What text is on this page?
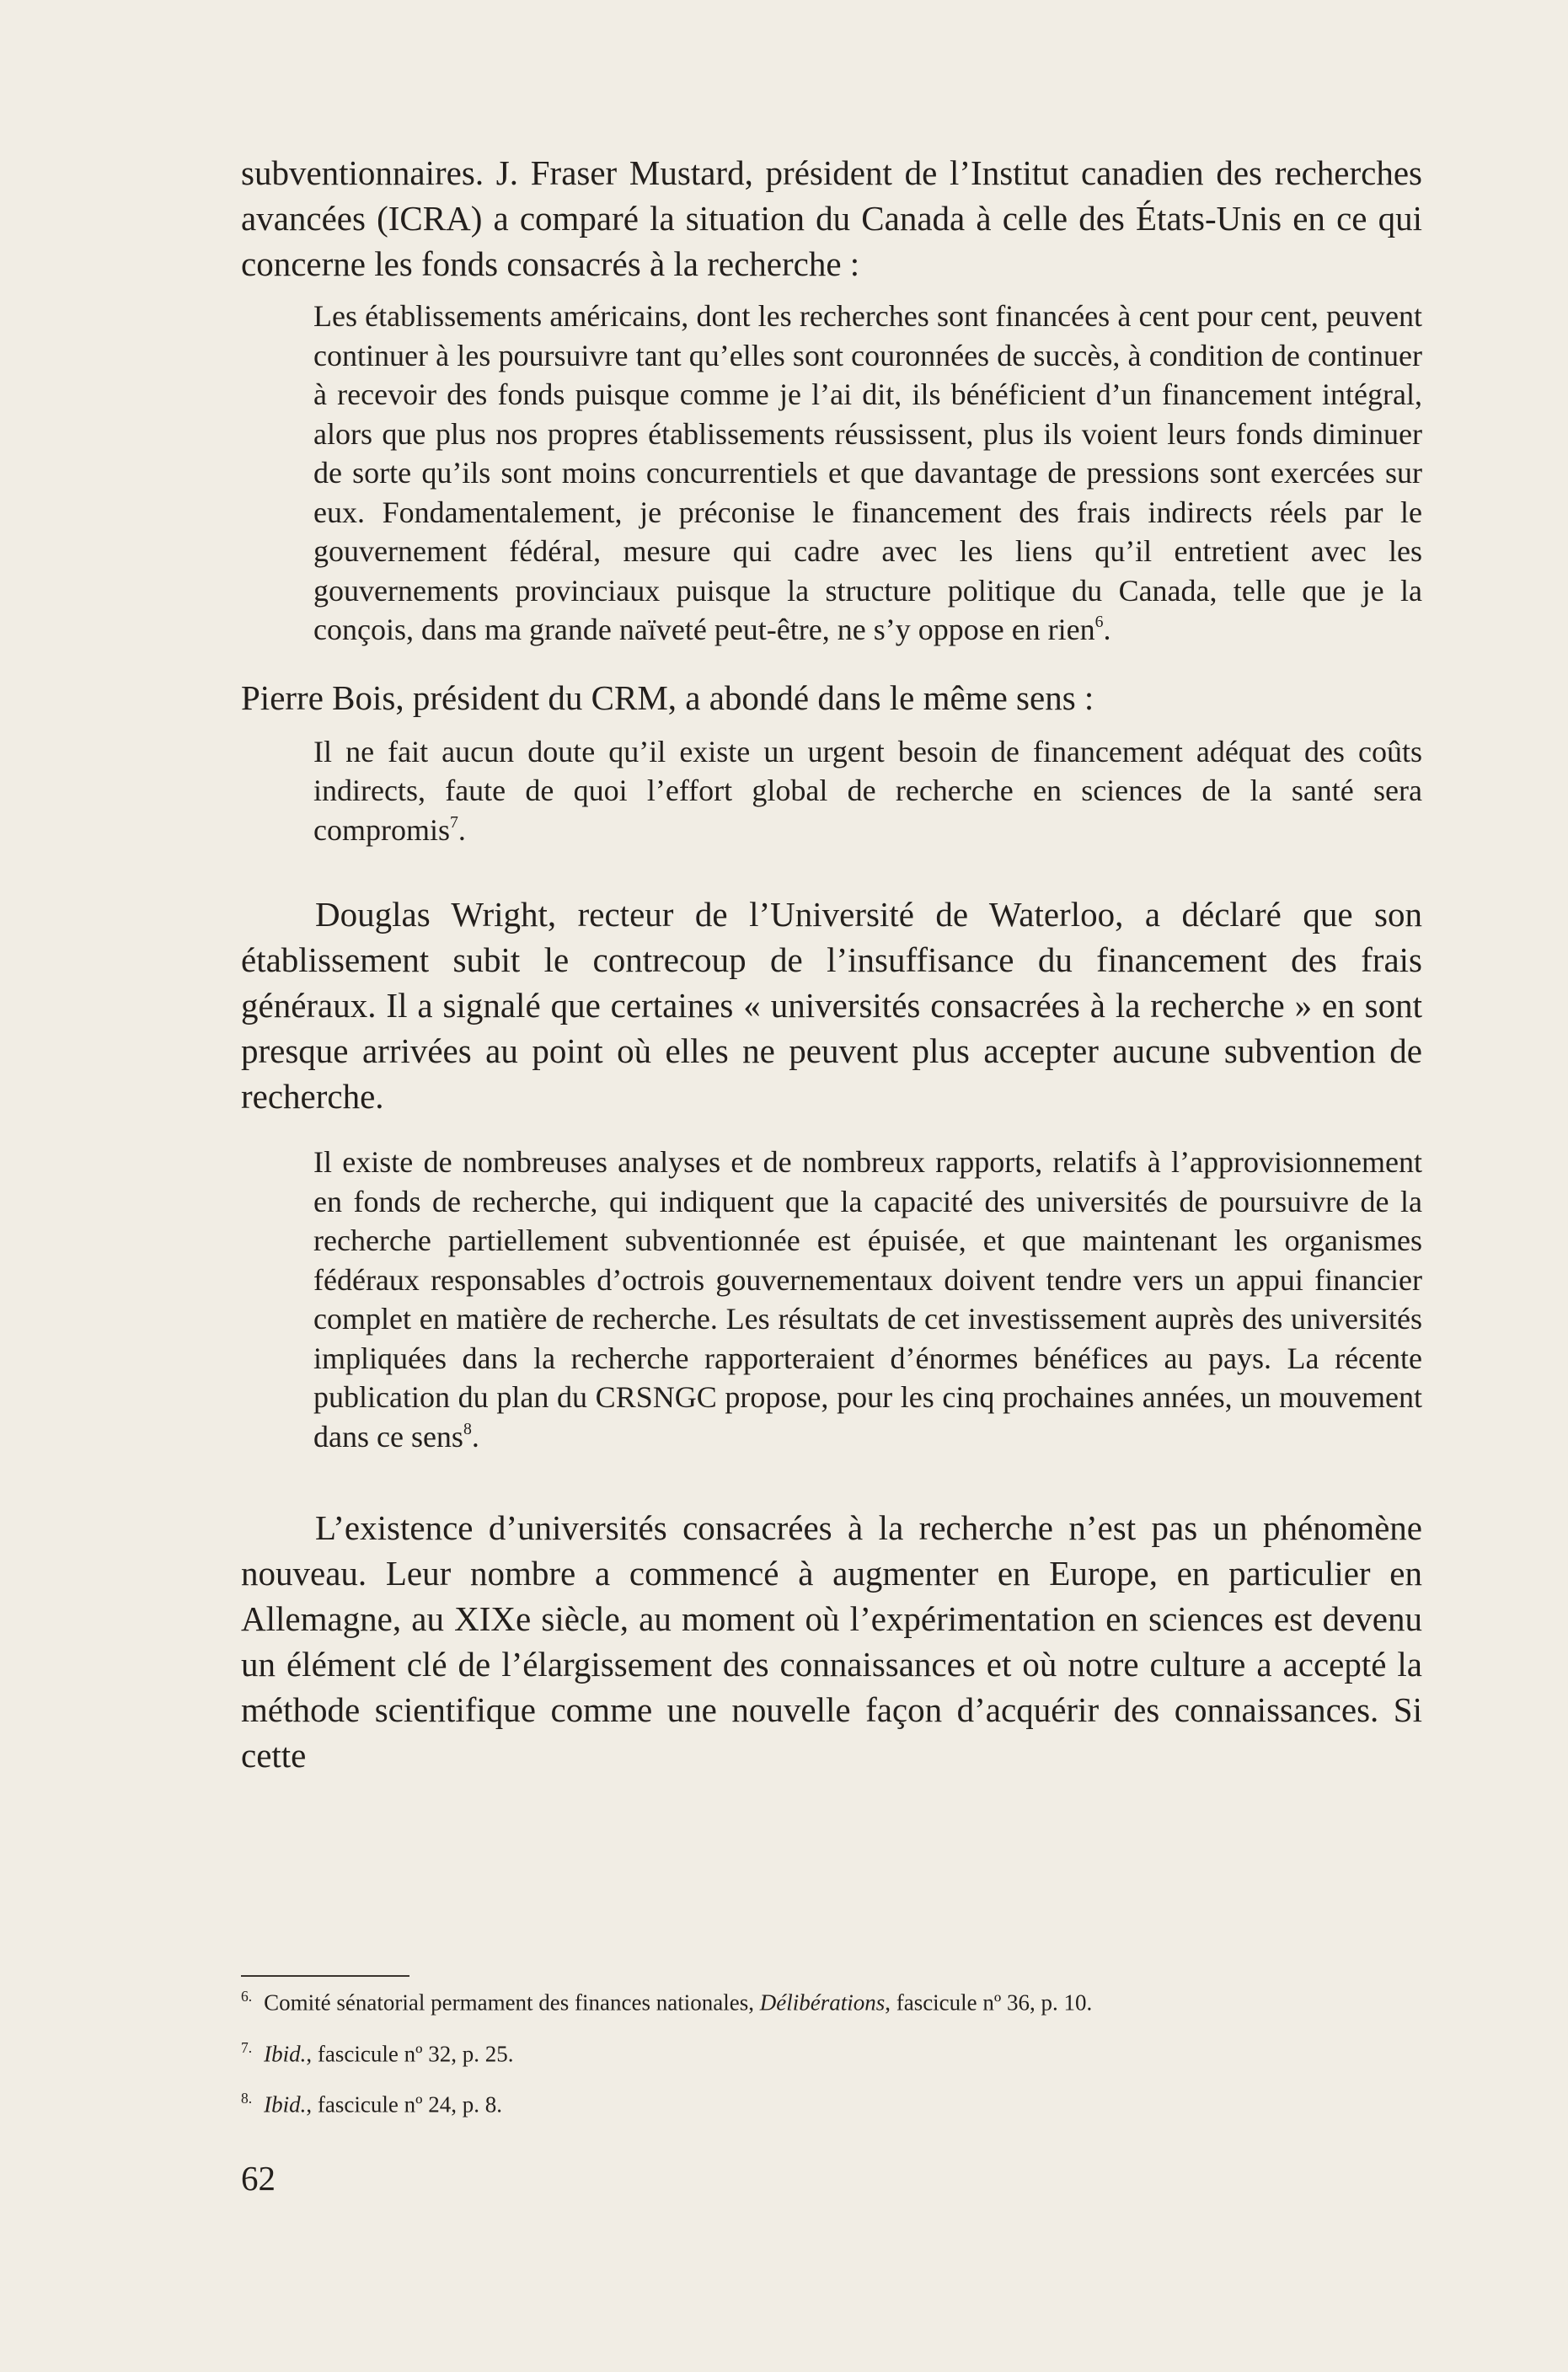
subventionnaires. J. Fraser Mustard, président de l’Institut canadien des recherches avancées (ICRA) a comparé la situation du Canada à celle des États-Unis en ce qui concerne les fonds consacrés à la recherche :

Les établissements américains, dont les recherches sont financées à cent pour cent, peuvent continuer à les poursuivre tant qu’elles sont couronnées de succès, à condition de continuer à recevoir des fonds puisque comme je l’ai dit, ils bénéficient d’un financement intégral, alors que plus nos propres établissements réussissent, plus ils voient leurs fonds diminuer de sorte qu’ils sont moins concurrentiels et que davantage de pressions sont exercées sur eux. Fondamentalement, je préconise le financement des frais indirects réels par le gouvernement fédéral, mesure qui cadre avec les liens qu’il entretient avec les gouvernements provinciaux puisque la structure politique du Canada, telle que je la conçois, dans ma grande naïveté peut-être, ne s’y oppose en rien$^6$.

Pierre Bois, président du CRM, a abondé dans le même sens :

Il ne fait aucun doute qu’il existe un urgent besoin de financement adéquat des coûts indirects, faute de quoi l’effort global de recherche en sciences de la santé sera compromis$^7$.

Douglas Wright, recteur de l’Université de Waterloo, a déclaré que son établissement subit le contrecoup de l’insuffisance du financement des frais généraux. Il a signalé que certaines « universités consacrées à la recherche » en sont presque arrivées au point où elles ne peuvent plus accepter aucune subvention de recherche.

Il existe de nombreuses analyses et de nombreux rapports, relatifs à l’approvisionnement en fonds de recherche, qui indiquent que la capacité des universités de poursuivre de la recherche partiellement subventionnée est épuisée, et que maintenant les organismes fédéraux responsables d’octrois gouvernementaux doivent tendre vers un appui financier complet en matière de recherche. Les résultats de cet investissement auprès des universités impliquées dans la recherche rapporteraient d’énormes bénéfices au pays. La récente publication du plan du CRSNGC propose, pour les cinq prochaines années, un mouvement dans ce sens$^8$.

L’existence d’universités consacrées à la recherche n’est pas un phénomène nouveau. Leur nombre a commencé à augmenter en Europe, en particulier en Allemagne, au XIXe siècle, au moment où l’expérimentation en sciences est devenu un élément clé de l’élargissement des connaissances et où notre culture a accepté la méthode scientifique comme une nouvelle façon d’acquérir des connaissances. Si cette

$^{6.}$ Comité sénatorial permament des finances nationales, Délibérations, fascicule nº 36, p. 10.
$^{7.}$ Ibid., fascicule nº 32, p. 25.
$^{8.}$ Ibid., fascicule nº 24, p. 8.
62
